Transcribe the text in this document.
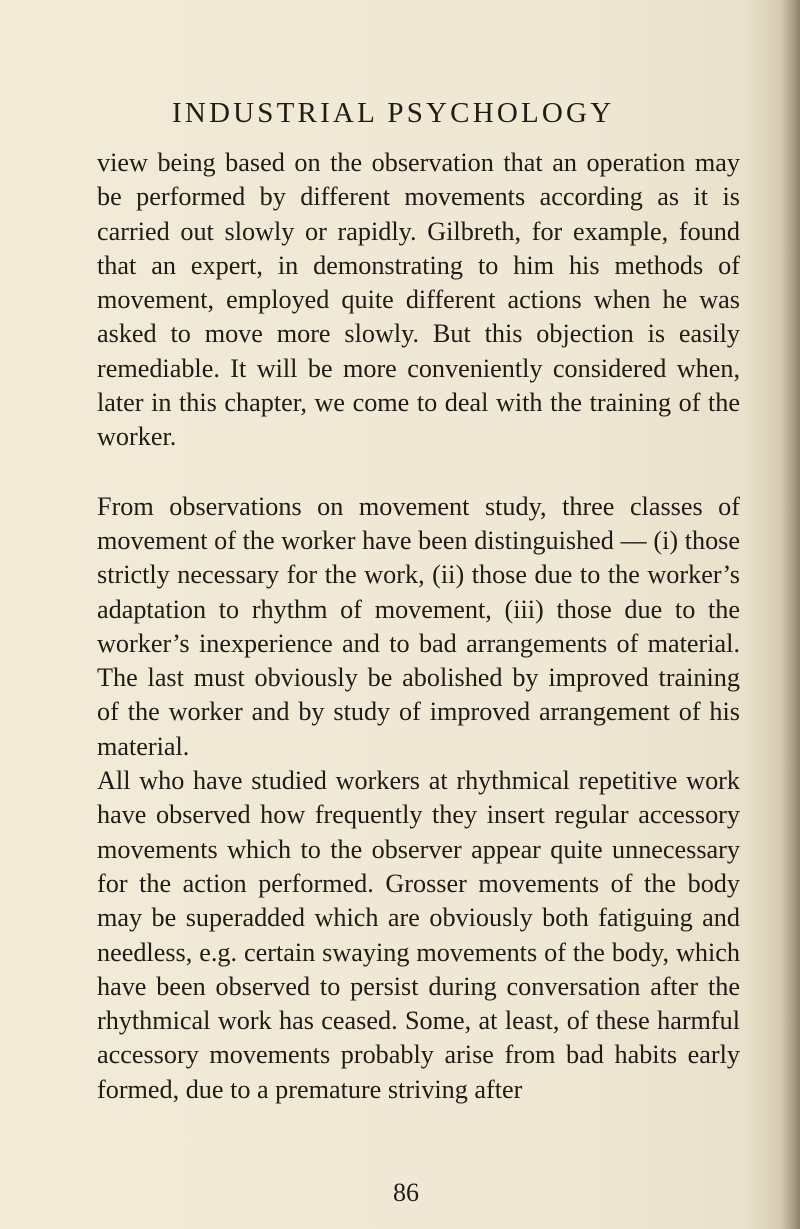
INDUSTRIAL PSYCHOLOGY

view being based on the observation that an operation may be performed by different movements according as it is carried out slowly or rapidly. Gilbreth, for example, found that an expert, in demonstrating to him his methods of movement, employed quite different actions when he was asked to move more slowly. But this objection is easily remediable. It will be more conveniently considered when, later in this chapter, we come to deal with the training of the worker.

From observations on movement study, three classes of movement of the worker have been distinguished — (i) those strictly necessary for the work, (ii) those due to the worker’s adaptation to rhythm of movement, (iii) those due to the worker’s inexperience and to bad arrangements of material. The last must obviously be abolished by improved training of the worker and by study of improved arrangement of his material.

All who have studied workers at rhythmical repetitive work have observed how frequently they insert regular accessory movements which to the observer appear quite unnecessary for the action performed. Grosser movements of the body may be superadded which are obviously both fatiguing and needless, e.g. certain swaying movements of the body, which have been observed to persist during conversation after the rhythmical work has ceased. Some, at least, of these harmful accessory movements probably arise from bad habits early formed, due to a premature striving after

86
